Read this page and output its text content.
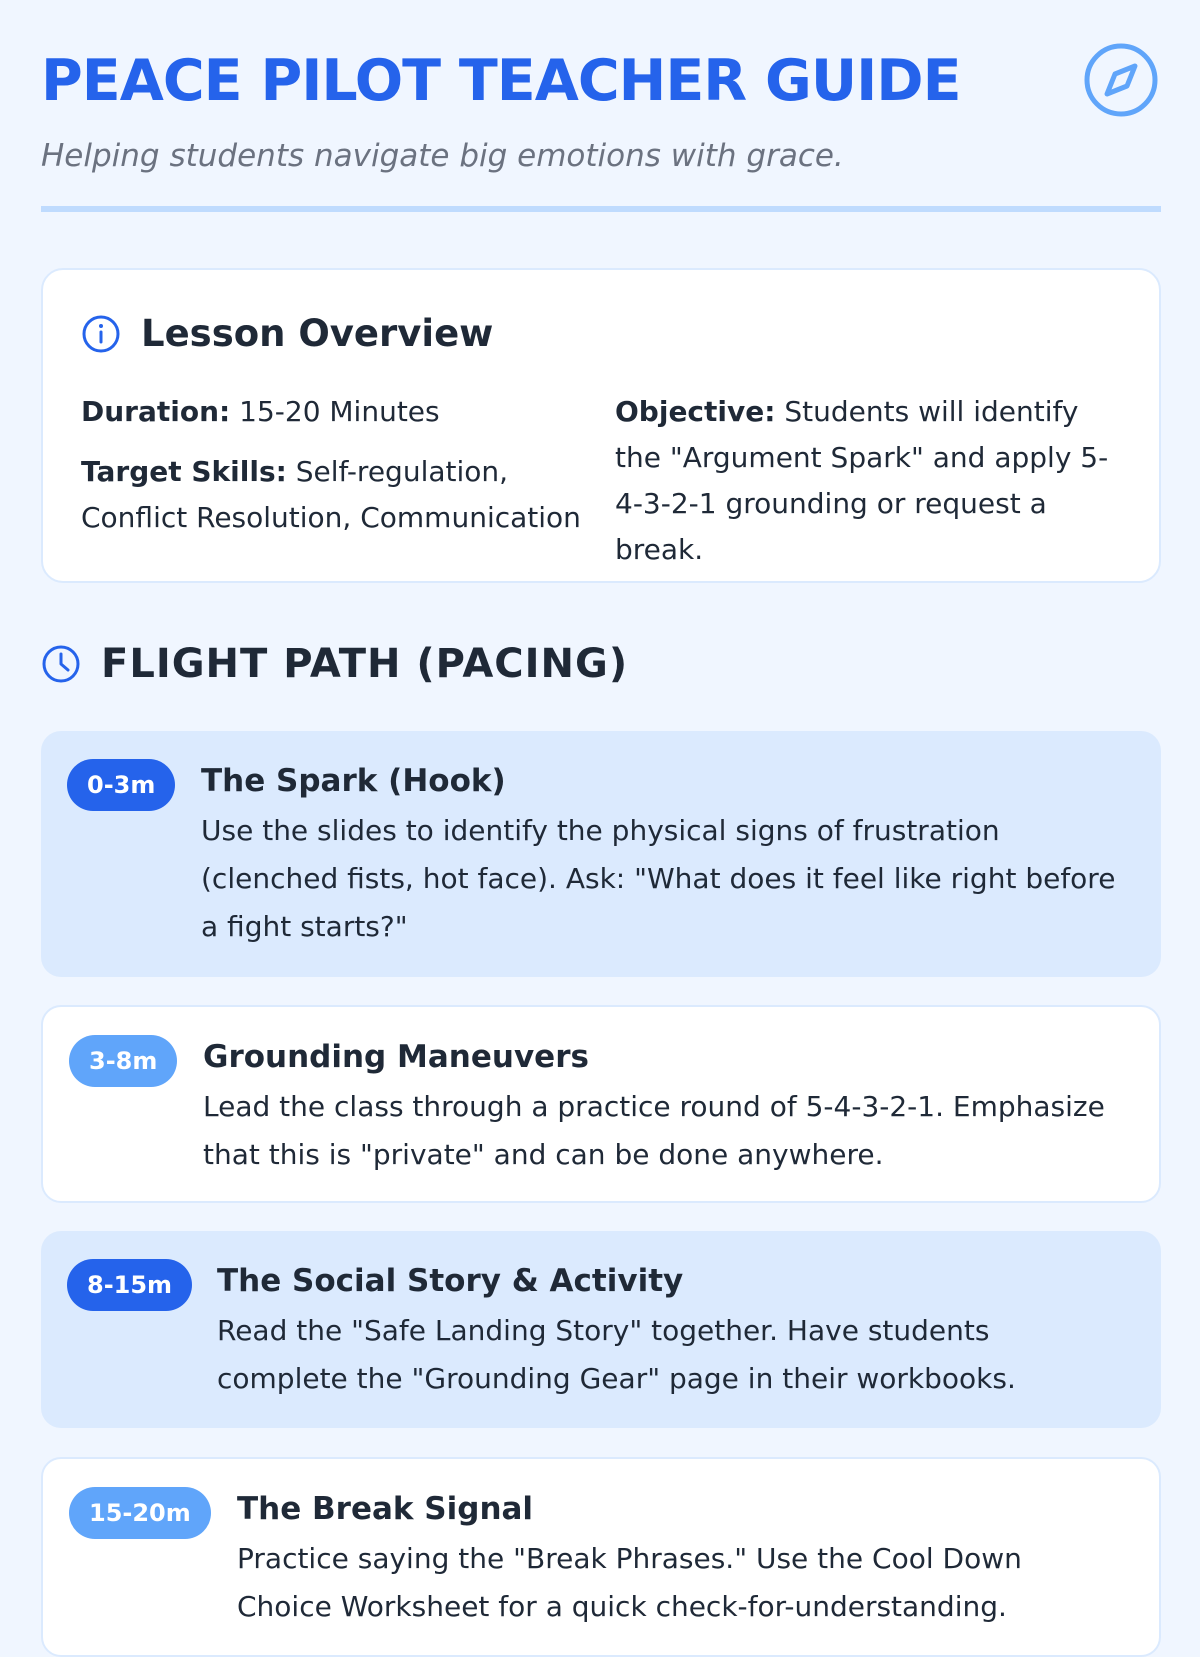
PEACE PILOT TEACHER GUIDE

Helping students navigate big emotions with grace.

Lesson Overview

Duration: 15-20 Minutes

Target Skills: Self-regulation, Conflict Resolution, Communication

Objective: Students will identify the "Argument Spark" and apply 5-4-3-2-1 grounding or request a break.

FLIGHT PATH (PACING)
0-3m	The Spark (Hook)

Use the slides to identify the physical signs of frustration (clenched fists, hot face). Ask: "What does it feel like right before a fight starts?"

3-8m	Grounding Maneuvers

Lead the class through a practice round of 5-4-3-2-1. Emphasize that this is "private" and can be done anywhere.

8-15m	The Social Story & Activity

Read the "Safe Landing Story" together. Have students complete the "Grounding Gear" page in their workbooks.

15-20m	The Break Signal

Practice saying the "Break Phrases." Use the Cool Down Choice Worksheet for a quick check-for-understanding.
